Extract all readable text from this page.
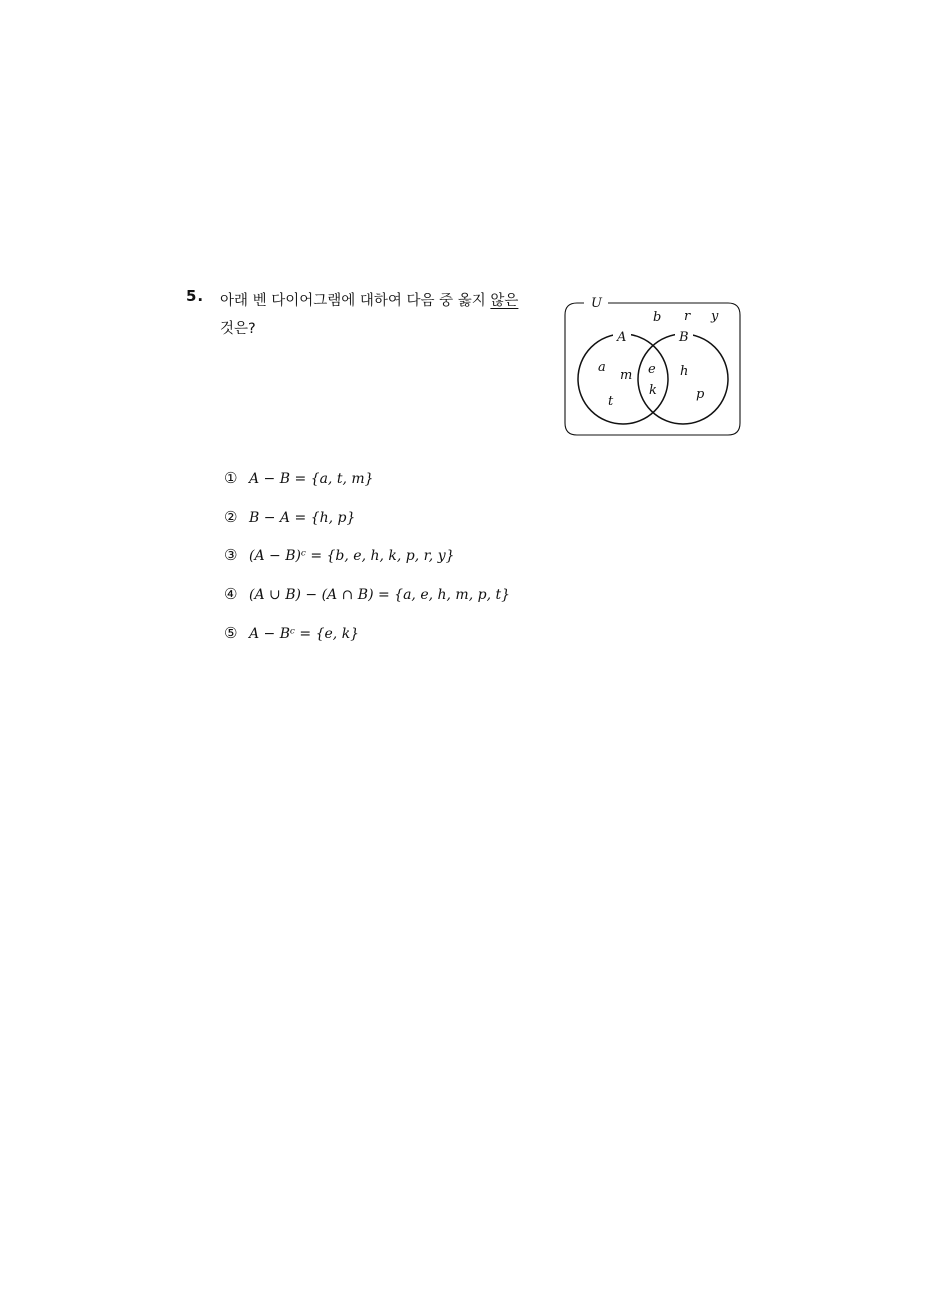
5. 아래 벤 다이어그램에 대하여 다음 중 옳지 않은
것은?
U
A	B
b r y
a
m
t
e
k
h
p
① A − B = {a, t, m}
② B − A = {h, p}
③ (A − B)ᶜ = {b, e, h, k, p, r, y}
④ (A ∪ B) − (A ∩ B) = {a, e, h, m, p, t}
⑤ A − Bᶜ = {e, k}
